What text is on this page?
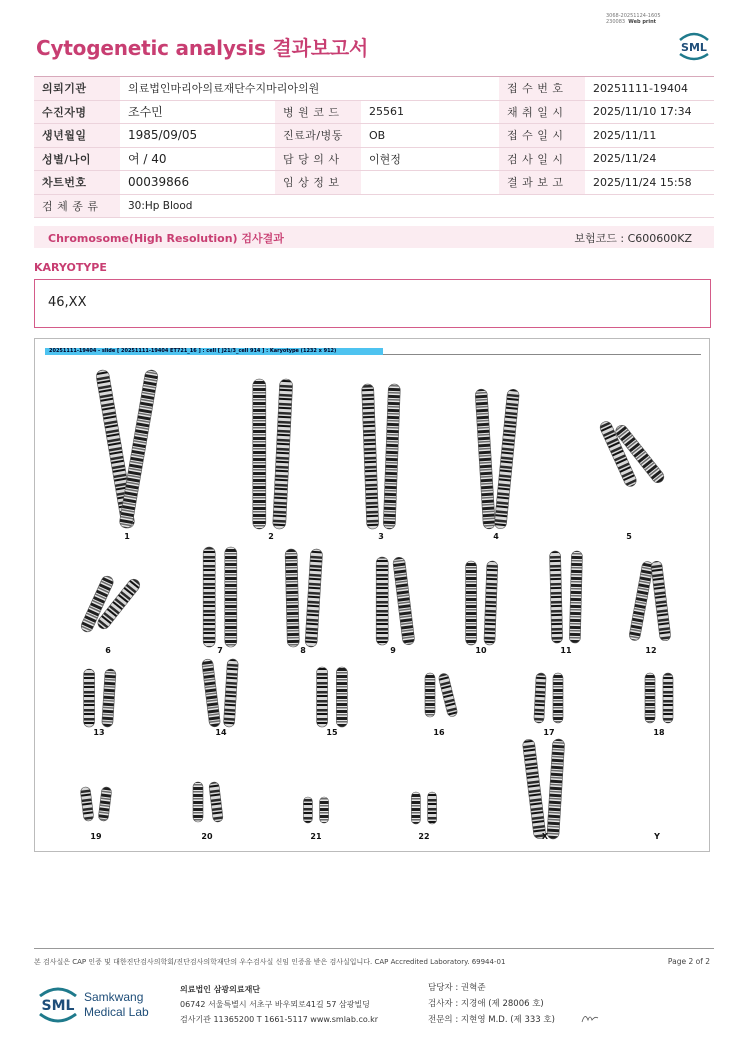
3068-20251124-1605
230083 Web print
Cytogenetic analysis 결과보고서	SML
의뢰기관	의료법인마리아의료재단수지마리아의원			접 수 번 호	20251111-19404
수진자명	조수민	병 원 코 드	25561	채 취 일 시	2025/11/10 17:34
생년월일	1985/09/05	진료과/병동	OB	접 수 일 시	2025/11/11
성별/나이	여 / 40	담 당 의 사	이현정	검 사 일 시	2025/11/24
차트번호	00039866	임 상 정 보		결 과 보 고	2025/11/24 15:58
검 체 종 류	30:Hp Blood				
Chromosome(High Resolution) 검사결과	보험코드 : C600600KZ
KARYOTYPE
46,XX
1	2	3	4	5
6	7	8	9	10	11	12
13	14	15	16	17	18
19	20	21	22	X	Y
20251111-19404 - slide [ 20251111-19404 ET721_16 ] : cell [ J21/3_cell 914 ] : Karyotype (1232 x 912)
본 검사실은 CAP 인증 및 대한진단검사의학회/진단검사의학재단의 우수검사실 신임 인증을 받은 검사실입니다. CAP Accredited Laboratory. 69944-01	Page 2 of 2
SML
Samkwang
Medical Lab
의료법인 삼광의료재단
06742 서울특별시 서초구 바우뫼로41길 57 삼광빌딩
검사기관 11365200 T 1661-5117 www.smlab.co.kr
담당자 : 권혁준
검사자 : 지경애 (제 28006 호)
전문의 : 지현영 M.D. (제 333 호)
